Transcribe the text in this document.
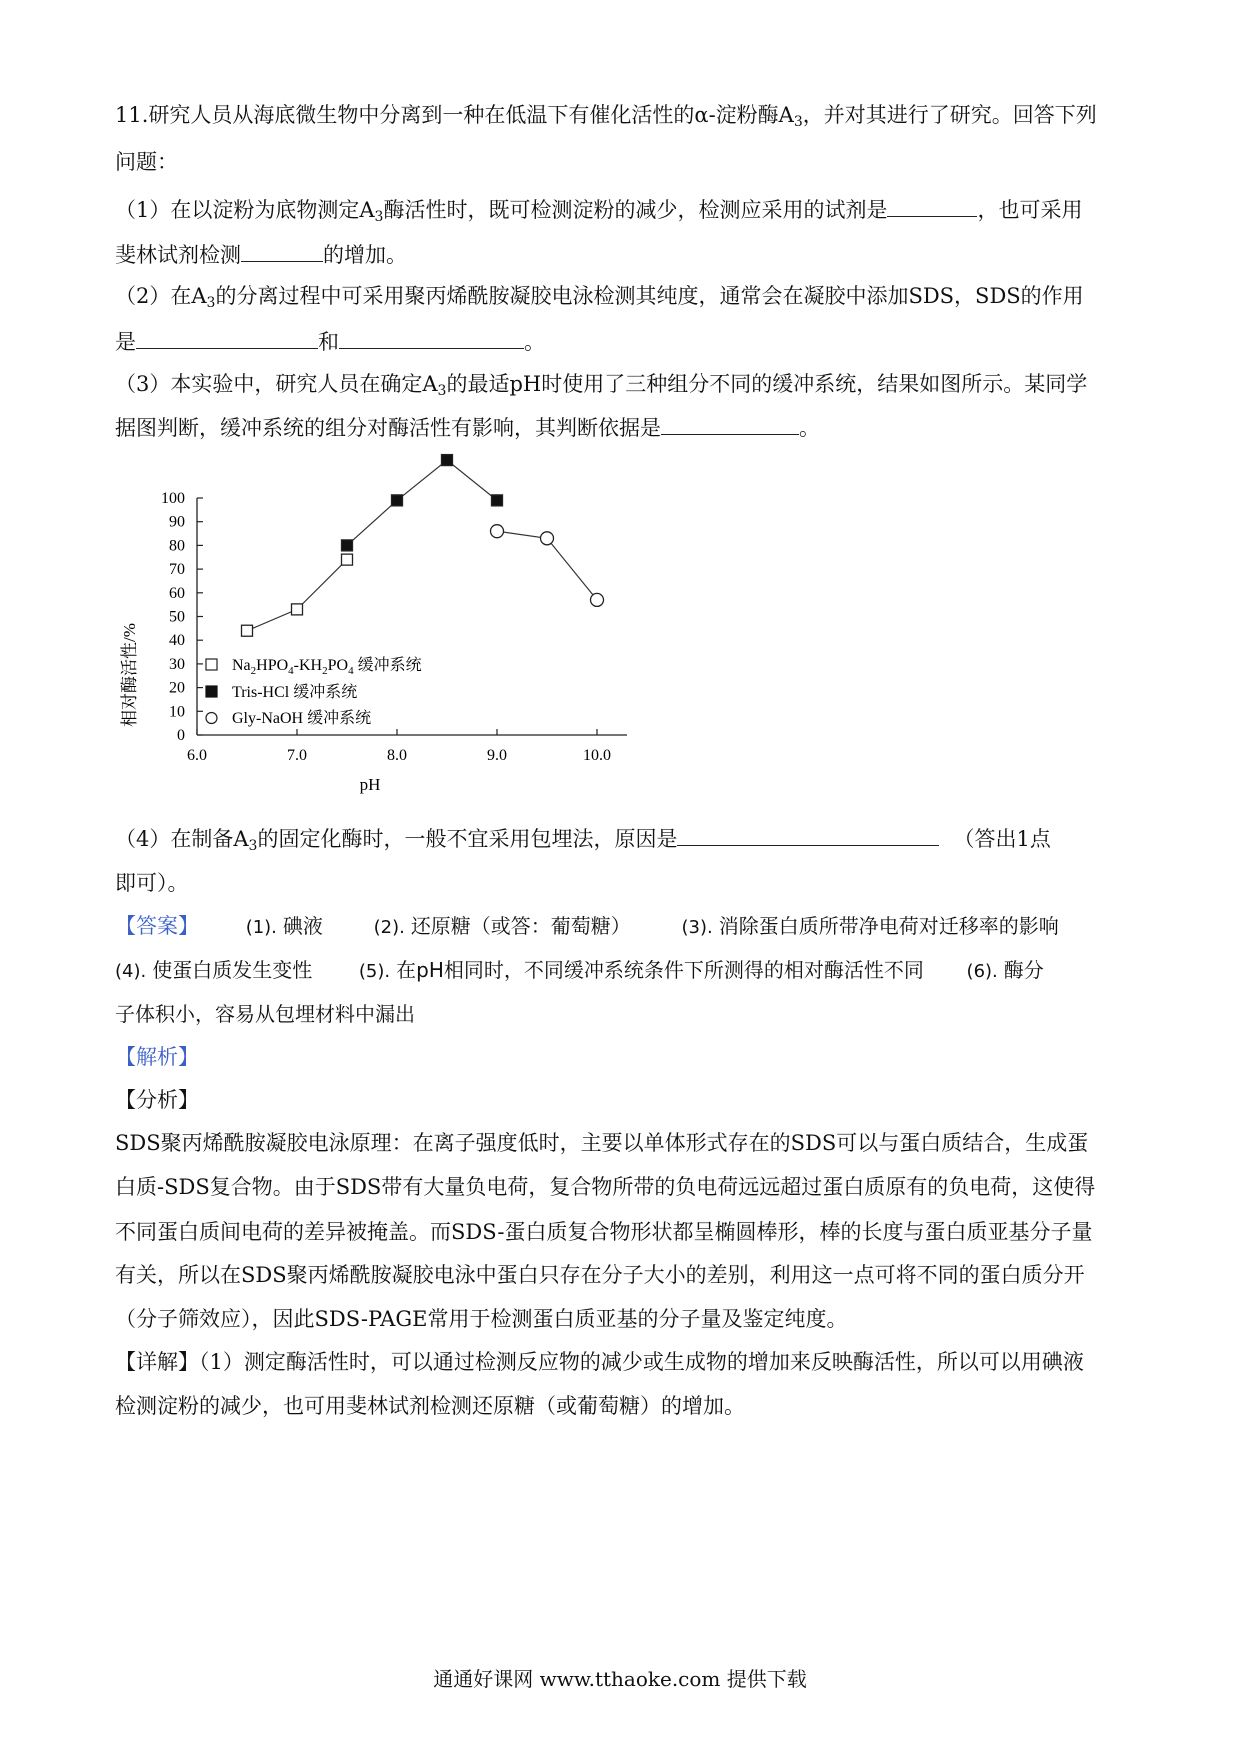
11.研究人员从海底微生物中分离到一种在低温下有催化活性的α-淀粉酶$A_3$，并对其进行了研究。回答下列
问题：
（1）在以淀粉为底物测定$A_3$酶活性时，既可检测淀粉的减少，检测应采用的试剂是	，也可采用
斐林试剂检测	的增加。
（2）在$A_3$的分离过程中可采用聚丙烯酰胺凝胶电泳检测其纯度，通常会在凝胶中添加SDS，SDS的作用
是	和	。
（3）本实验中，研究人员在确定$A_3$的最适pH时使用了三种组分不同的缓冲系统，结果如图所示。某同学
据图判断，缓冲系统的组分对酶活性有影响，其判断依据是	。
0
10
20
30
40
50
60
70
80
90
100
6.0	7.0	8.0	9.0	10.0
pH
相对酶活性/%	$Na_2HPO_4-KH_2PO_4$ 缓冲系统
Tris-HCl 缓冲系统
Gly-NaOH 缓冲系统
（4）在制备$A_3$的固定化酶时，一般不宜采用包埋法，原因是	（答出1点
即可）。
【答案】	(1). 碘液	(2). 还原糖（或答：葡萄糖）	(3). 消除蛋白质所带净电荷对迁移率的影响
(4). 使蛋白质发生变性	(5). 在pH相同时，不同缓冲系统条件下所测得的相对酶活性不同 (6). 酶分
子体积小，容易从包埋材料中漏出
【解析】
【分析】
SDS聚丙烯酰胺凝胶电泳原理：在离子强度低时，主要以单体形式存在的SDS可以与蛋白质结合，生成蛋
白质-SDS复合物。由于SDS带有大量负电荷，复合物所带的负电荷远远超过蛋白质原有的负电荷，这使得
不同蛋白质间电荷的差异被掩盖。而SDS-蛋白质复合物形状都呈椭圆棒形，棒的长度与蛋白质亚基分子量
有关，所以在SDS聚丙烯酰胺凝胶电泳中蛋白只存在分子大小的差别，利用这一点可将不同的蛋白质分开
（分子筛效应），因此SDS-PAGE常用于检测蛋白质亚基的分子量及鉴定纯度。
【详解】（1）测定酶活性时，可以通过检测反应物的减少或生成物的增加来反映酶活性，所以可以用碘液
检测淀粉的减少，也可用斐林试剂检测还原糖（或葡萄糖）的增加。
通通好课网 www.tthaoke.com 提供下载
